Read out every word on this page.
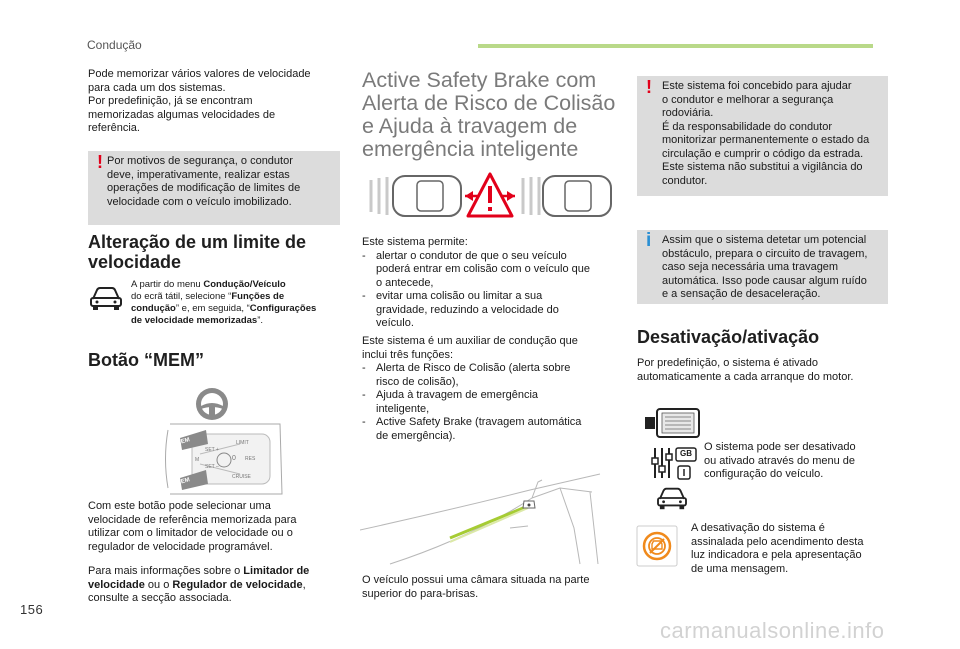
Condução
Pode memorizar vários valores de velocidade
para cada um dos sistemas.
Por predefinição, já se encontram
memorizadas algumas velocidades de
referência.
! Por motivos de segurança, o condutor
deve, imperativamente, realizar estas
operações de modificação de limites de
velocidade com o veículo imobilizado.
Alteração de um limite de
velocidade
A partir do menu Condução/Veículo
do ecrã tátil, selecione “Funções de
condução” e, em seguida, “Configurações
de velocidade memorizadas”.
Botão “MEM”
MEM
MEM
SET +
SET –
M	0
LIMIT
RES
CRUISE
Com este botão pode selecionar uma
velocidade de referência memorizada para
utilizar com o limitador de velocidade ou o
regulador de velocidade programável.
Para mais informações sobre o Limitador de
velocidade ou o Regulador de velocidade,
consulte a secção associada.
Active Safety Brake com
Alerta de Risco de Colisão
e Ajuda à travagem de
emergência inteligente
Este sistema permite:
- alertar o condutor de que o seu veículo
poderá entrar em colisão com o veículo que
o antecede,
- evitar uma colisão ou limitar a sua
gravidade, reduzindo a velocidade do
veículo.
Este sistema é um auxiliar de condução que
inclui três funções:
- Alerta de Risco de Colisão (alerta sobre
risco de colisão),
- Ajuda à travagem de emergência
inteligente,
- Active Safety Brake (travagem automática
de emergência).
O veículo possui uma câmara situada na parte
superior do para-brisas.
! Este sistema foi concebido para ajudar
o condutor e melhorar a segurança
rodoviária.
É da responsabilidade do condutor
monitorizar permanentemente o estado da
circulação e cumprir o código da estrada.
Este sistema não substitui a vigilância do
condutor.
i Assim que o sistema detetar um potencial
obstáculo, prepara o circuito de travagem,
caso seja necessária uma travagem
automática. Isso pode causar algum ruído
e a sensação de desaceleração.
Desativação/ativação
Por predefinição, o sistema é ativado
automaticamente a cada arranque do motor.
GB
O sistema pode ser desativado
ou ativado através do menu de
configuração do veículo.
A desativação do sistema é
assinalada pelo acendimento desta
luz indicadora e pela apresentação
de uma mensagem.
156
carmanualsonline.info
